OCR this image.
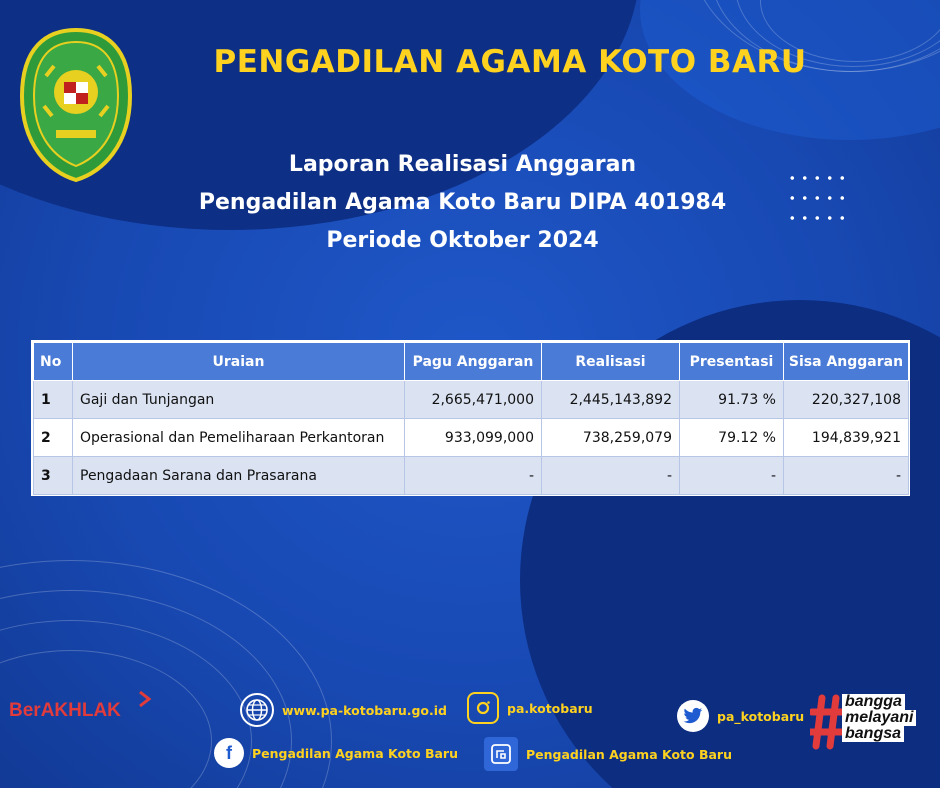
PENGADILAN AGAMA KOTO BARU
Laporan Realisasi Anggaran
Pengadilan Agama Koto Baru DIPA 401984
Periode Oktober 2024
No	Uraian	Pagu Anggaran	Realisasi	Presentasi	Sisa Anggaran
1	Gaji dan Tunjangan	2,665,471,000	2,445,143,892	91.73 %	220,327,108
2	Operasional dan Pemeliharaan Perkantoran	933,099,000	738,259,079	79.12 %	194,839,921
3	Pengadaan Sarana dan Prasarana	-	-	-	-
BerAKHLAK	www.pa-kotobaru.go.id	pa.kotobaru
pa_kotobaru
f Pengadilan Agama Koto Baru	Pengadilan Agama Koto Baru
bangga
melayani
bangsa
